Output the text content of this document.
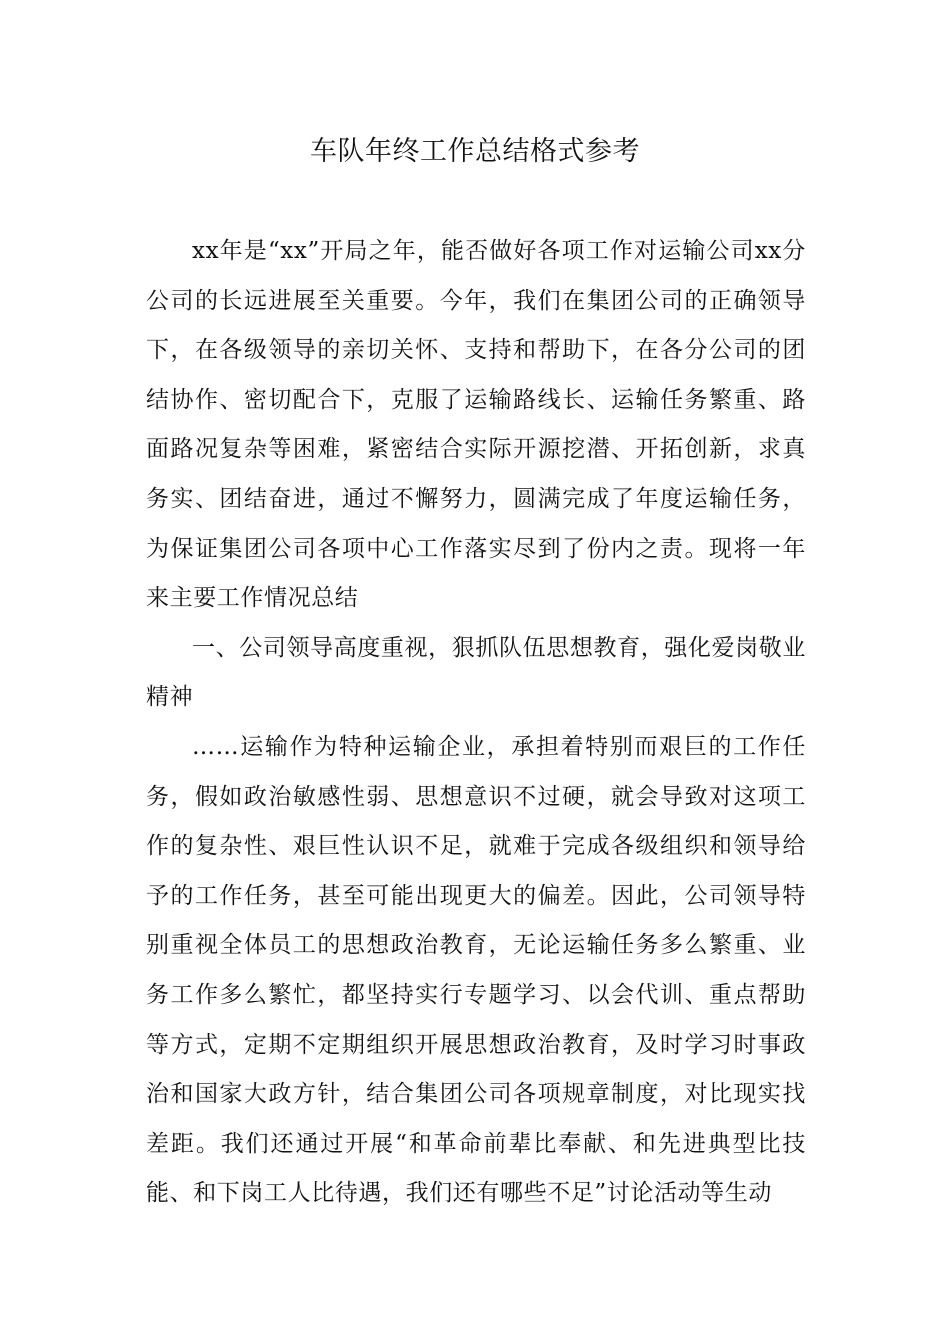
车队年终工作总结格式参考

xx年是“xx”开局之年，能否做好各项工作对运输公司xx分公司的长远进展至关重要。今年，我们在集团公司的正确领导下，在各级领导的亲切关怀、支持和帮助下，在各分公司的团结协作、密切配合下，克服了运输路线长、运输任务繁重、路面路况复杂等困难，紧密结合实际开源挖潜、开拓创新，求真务实、团结奋进，通过不懈努力，圆满完成了年度运输任务，为保证集团公司各项中心工作落实尽到了份内之责。现将一年来主要工作情况总结

一、公司领导高度重视，狠抓队伍思想教育，强化爱岗敬业精神

……运输作为特种运输企业，承担着特别而艰巨的工作任务，假如政治敏感性弱、思想意识不过硬，就会导致对这项工作的复杂性、艰巨性认识不足，就难于完成各级组织和领导给予的工作任务，甚至可能出现更大的偏差。因此，公司领导特别重视全体员工的思想政治教育，无论运输任务多么繁重、业务工作多么繁忙，都坚持实行专题学习、以会代训、重点帮助等方式，定期不定期组织开展思想政治教育，及时学习时事政治和国家大政方针，结合集团公司各项规章制度，对比现实找差距。我们还通过开展“和革命前辈比奉献、和先进典型比技能、和下岗工人比待遇，我们还有哪些不足”讨论活动等生动
